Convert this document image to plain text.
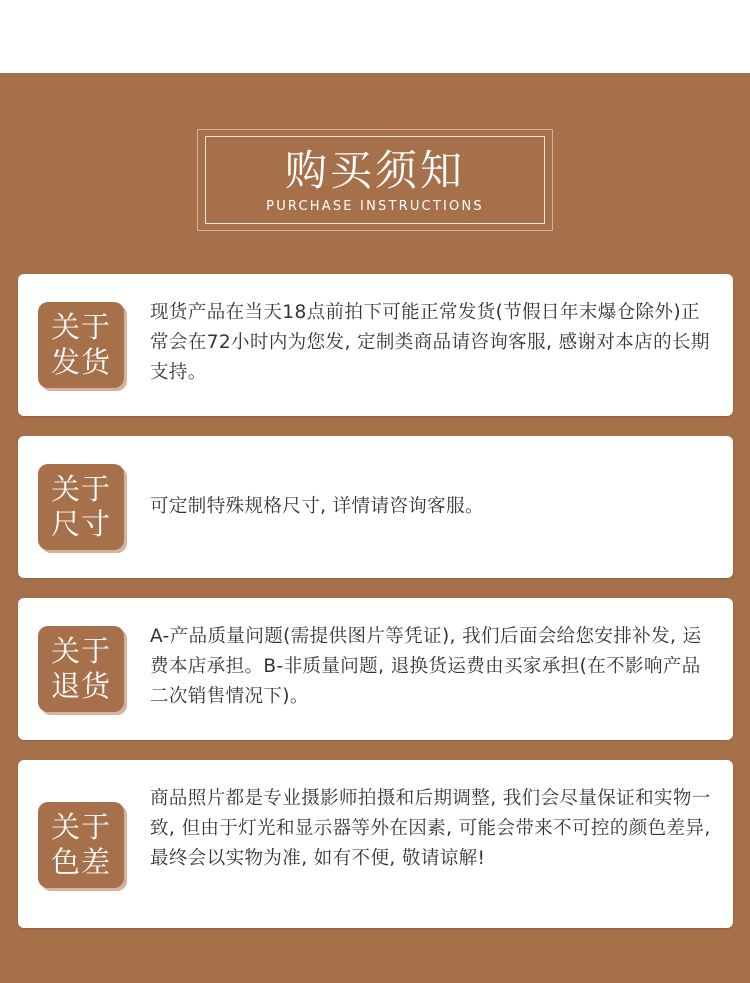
购买须知
PURCHASE INSTRUCTIONS
关于
发货
现货产品在当天18点前拍下可能正常发货(节假日年末爆仓除外)正常会在72小时内为您发, 定制类商品请咨询客服, 感谢对本店的长期支持。
关于
尺寸
可定制特殊规格尺寸, 详情请咨询客服。
关于
退货
A-产品质量问题(需提供图片等凭证), 我们后面会给您安排补发, 运费本店承担。B-非质量问题, 退换货运费由买家承担(在不影响产品二次销售情况下)。
关于
色差
商品照片都是专业摄影师拍摄和后期调整, 我们会尽量保证和实物一致, 但由于灯光和显示器等外在因素, 可能会带来不可控的颜色差异, 最终会以实物为准, 如有不便, 敬请谅解!
